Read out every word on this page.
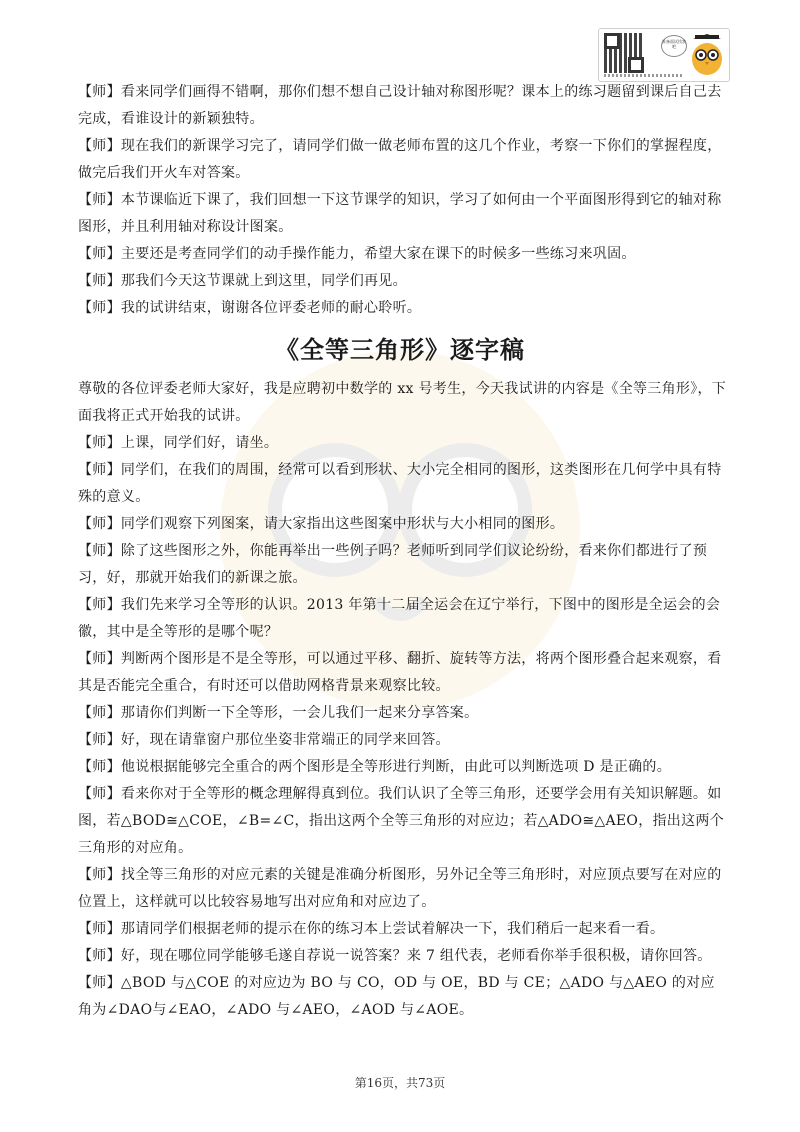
准备面试找我吧

【师】看来同学们画得不错啊，那你们想不想自己设计轴对称图形呢？课本上的练习题留到课后自己去完成，看谁设计的新颖独特。

【师】现在我们的新课学习完了，请同学们做一做老师布置的这几个作业，考察一下你们的掌握程度，做完后我们开火车对答案。

【师】本节课临近下课了，我们回想一下这节课学的知识，学习了如何由一个平面图形得到它的轴对称图形，并且利用轴对称设计图案。

【师】主要还是考查同学们的动手操作能力，希望大家在课下的时候多一些练习来巩固。

【师】那我们今天这节课就上到这里，同学们再见。

【师】我的试讲结束，谢谢各位评委老师的耐心聆听。

《全等三角形》逐字稿

尊敬的各位评委老师大家好，我是应聘初中数学的 xx 号考生，今天我试讲的内容是《全等三角形》，下面我将正式开始我的试讲。

【师】上课，同学们好，请坐。

【师】同学们，在我们的周围，经常可以看到形状、大小完全相同的图形，这类图形在几何学中具有特殊的意义。

【师】同学们观察下列图案，请大家指出这些图案中形状与大小相同的图形。

【师】除了这些图形之外，你能再举出一些例子吗？老师听到同学们议论纷纷，看来你们都进行了预习，好，那就开始我们的新课之旅。

【师】我们先来学习全等形的认识。2013 年第十二届全运会在辽宁举行，下图中的图形是全运会的会徽，其中是全等形的是哪个呢？

【师】判断两个图形是不是全等形，可以通过平移、翻折、旋转等方法，将两个图形叠合起来观察，看其是否能完全重合，有时还可以借助网格背景来观察比较。

【师】那请你们判断一下全等形，一会儿我们一起来分享答案。

【师】好，现在请靠窗户那位坐姿非常端正的同学来回答。

【师】他说根据能够完全重合的两个图形是全等形进行判断，由此可以判断选项 D 是正确的。

【师】看来你对于全等形的概念理解得真到位。我们认识了全等三角形，还要学会用有关知识解题。如图，若△BOD≅△COE，∠B=∠C，指出这两个全等三角形的对应边；若△ADO≅△AEO，指出这两个三角形的对应角。

【师】找全等三角形的对应元素的关键是准确分析图形，另外记全等三角形时，对应顶点要写在对应的位置上，这样就可以比较容易地写出对应角和对应边了。

【师】那请同学们根据老师的提示在你的练习本上尝试着解决一下，我们稍后一起来看一看。

【师】好，现在哪位同学能够毛遂自荐说一说答案？来 7 组代表，老师看你举手很积极，请你回答。

【师】△BOD 与△COE 的对应边为 BO 与 CO，OD 与 OE，BD 与 CE；△ADO 与△AEO 的对应角为∠DAO与∠EAO，∠ADO 与∠AEO，∠AOD 与∠AOE。

第16页，共73页
